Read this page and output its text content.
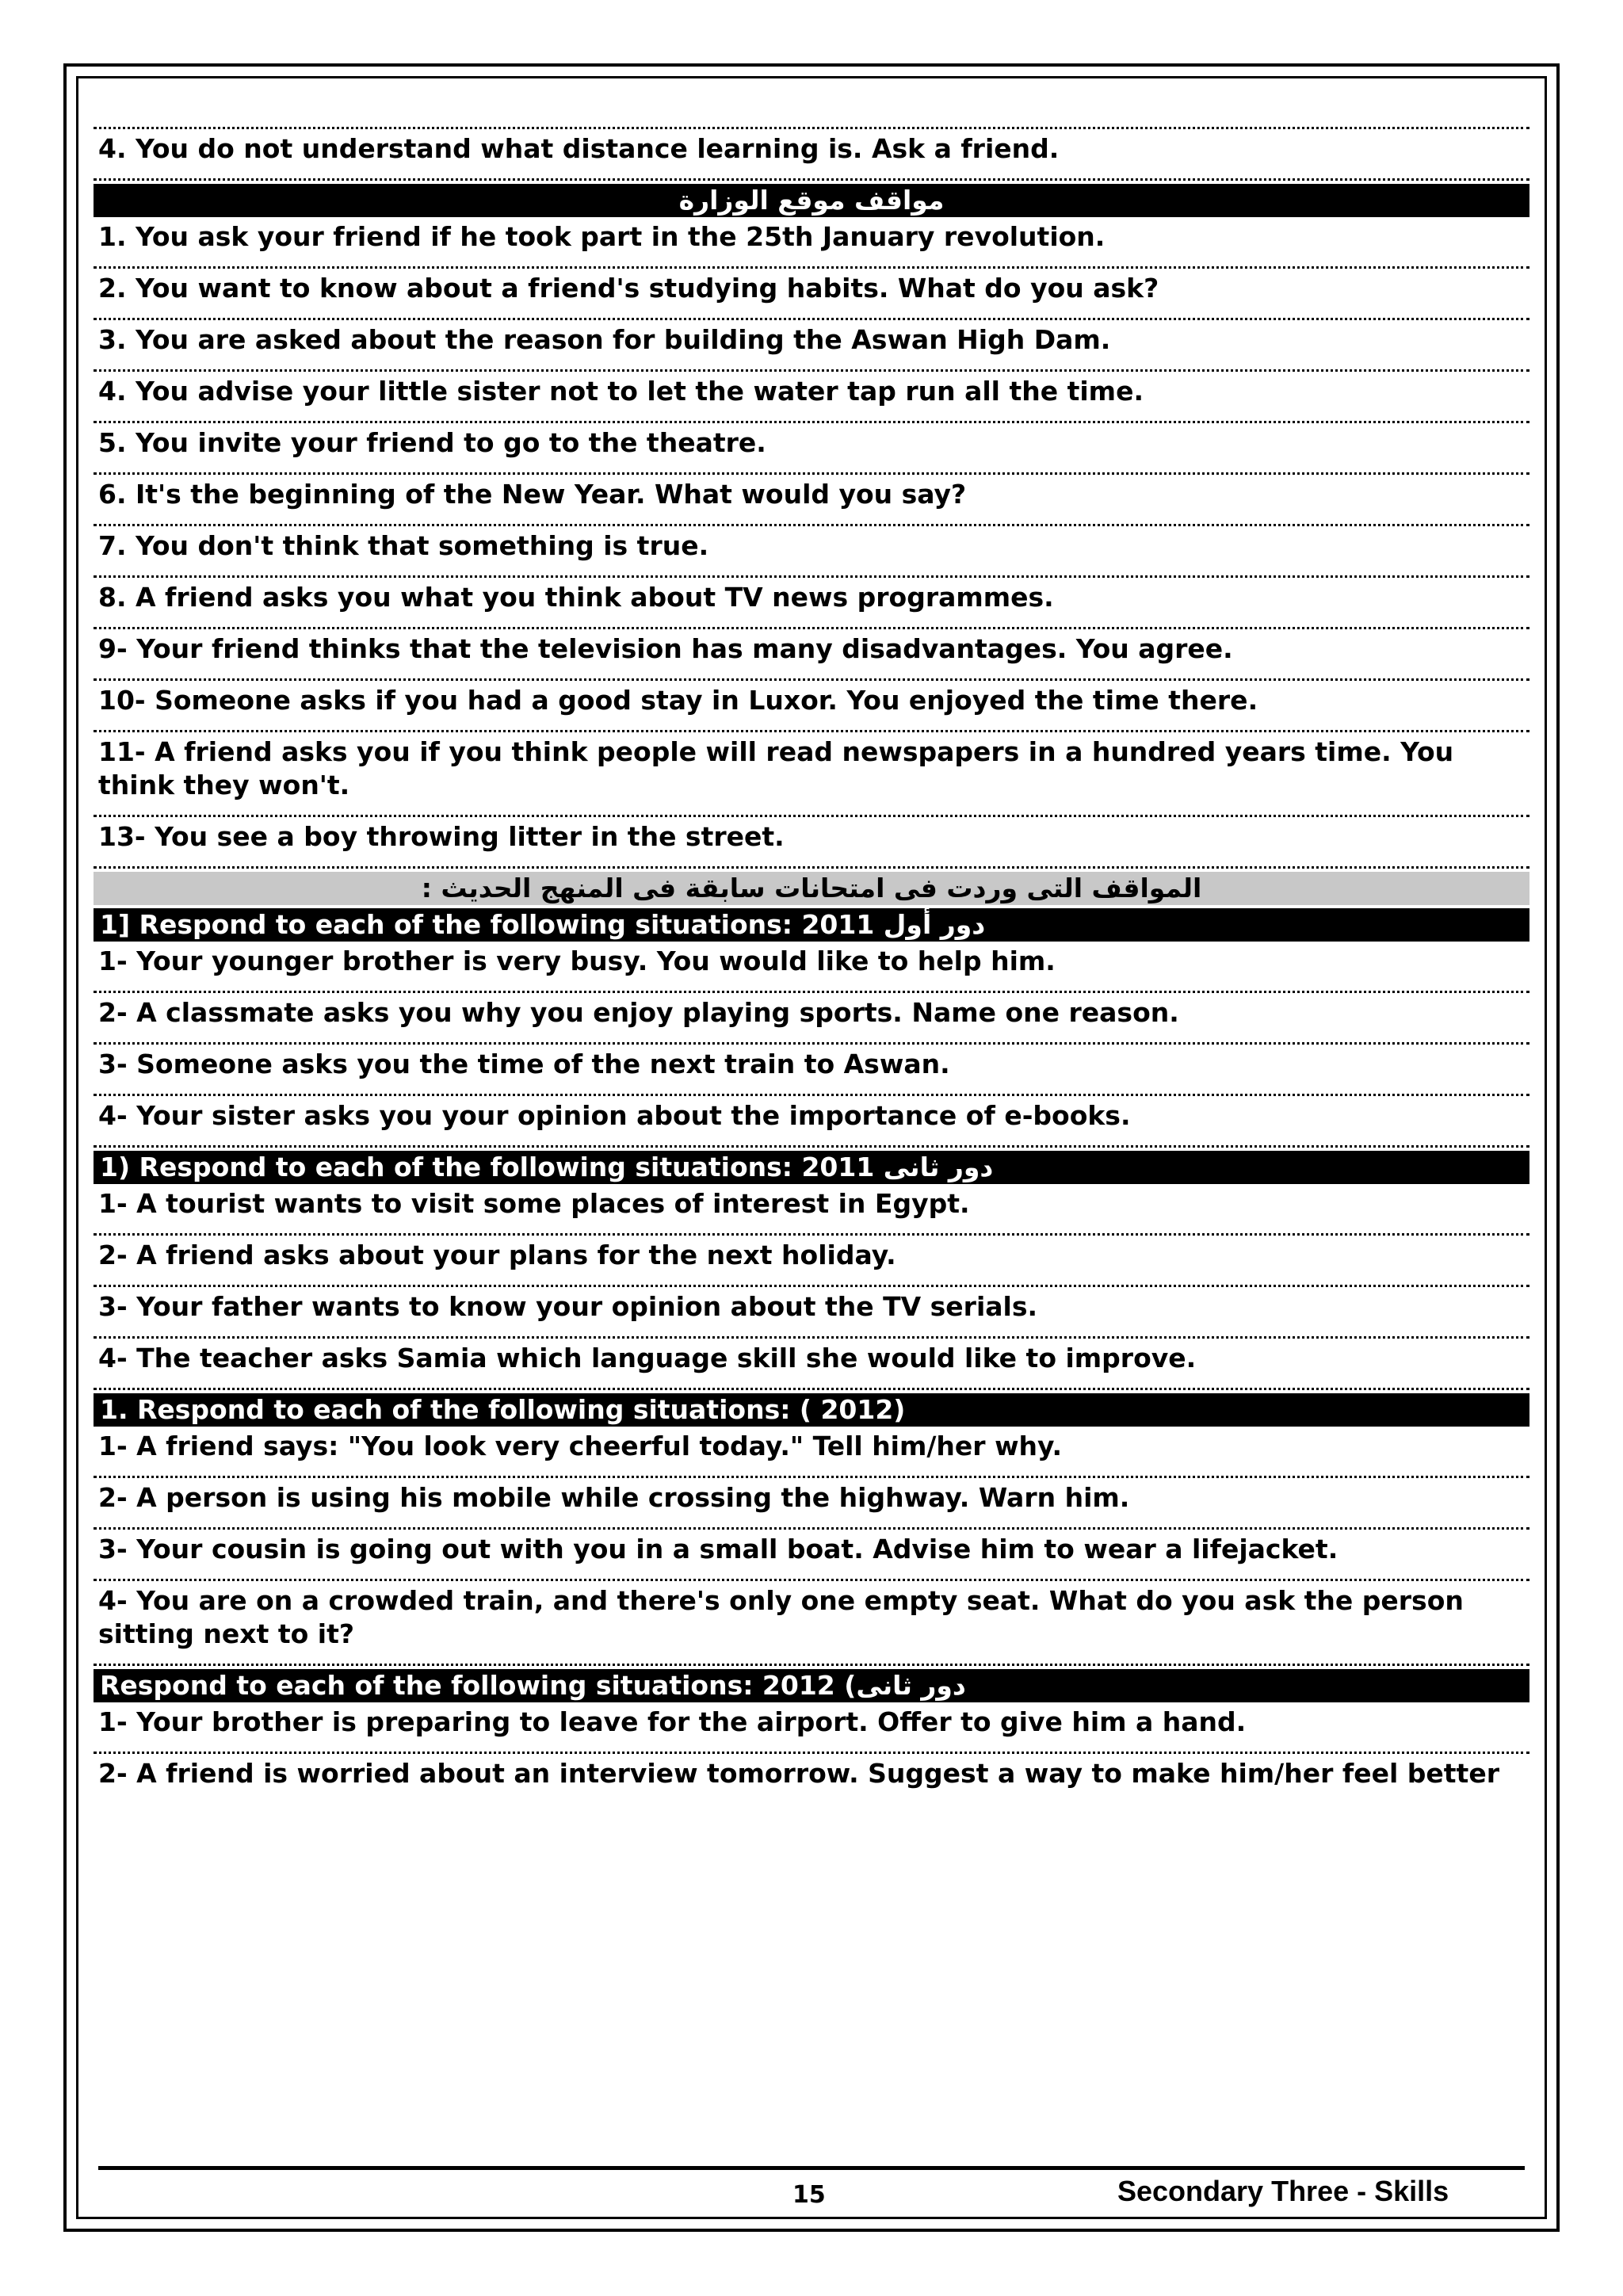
4. You do not understand what distance learning is. Ask a friend.
مواقف موقع الوزارة
1. You ask your friend if he took part in the 25th January revolution.
2. You want to know about a friend's studying habits. What do you ask?
3. You are asked about the reason for building the Aswan High Dam.
4. You advise your little sister not to let the water tap run all the time.
5. You invite your friend to go to the theatre.
6. It's the beginning of the New Year. What would you say?
7. You don't think that something is true.
8. A friend asks you what you think about TV news programmes.
9- Your friend thinks that the television has many disadvantages. You agree.
10- Someone asks if you had a good stay in Luxor. You enjoyed the time there.
11- A friend asks you if you think people will read newspapers in a hundred years time. You think they won't.
13- You see a boy throwing litter in the street.
المواقف التى وردت فى امتحانات سابقة فى المنهج الحديث :
1] Respond to each of the following situations: 2011 دور أول
1- Your younger brother is very busy. You would like to help him.
2- A classmate asks you why you enjoy playing sports. Name one reason.
3- Someone asks you the time of the next train to Aswan.
4- Your sister asks you your opinion about the importance of e-books.
1) Respond to each of the following situations: 2011 دور ثانى
1- A tourist wants to visit some places of interest in Egypt.
2- A friend asks about your plans for the next holiday.
3- Your father wants to know your opinion about the TV serials.
4- The teacher asks Samia which language skill she would like to improve.
1. Respond to each of the following situations: ( 2012)
1- A friend says: "You look very cheerful today." Tell him/her why.
2- A person is using his mobile while crossing the highway. Warn him.
3- Your cousin is going out with you in a small boat. Advise him to wear a lifejacket.
4- You are on a crowded train, and there's only one empty seat. What do you ask the person sitting next to it?
Respond to each of the following situations: 2012 دور ثانى)
1- Your brother is preparing to leave for the airport. Offer to give him a hand.
2- A friend is worried about an interview tomorrow. Suggest a way to make him/her feel better
15	Secondary Three - Skills
